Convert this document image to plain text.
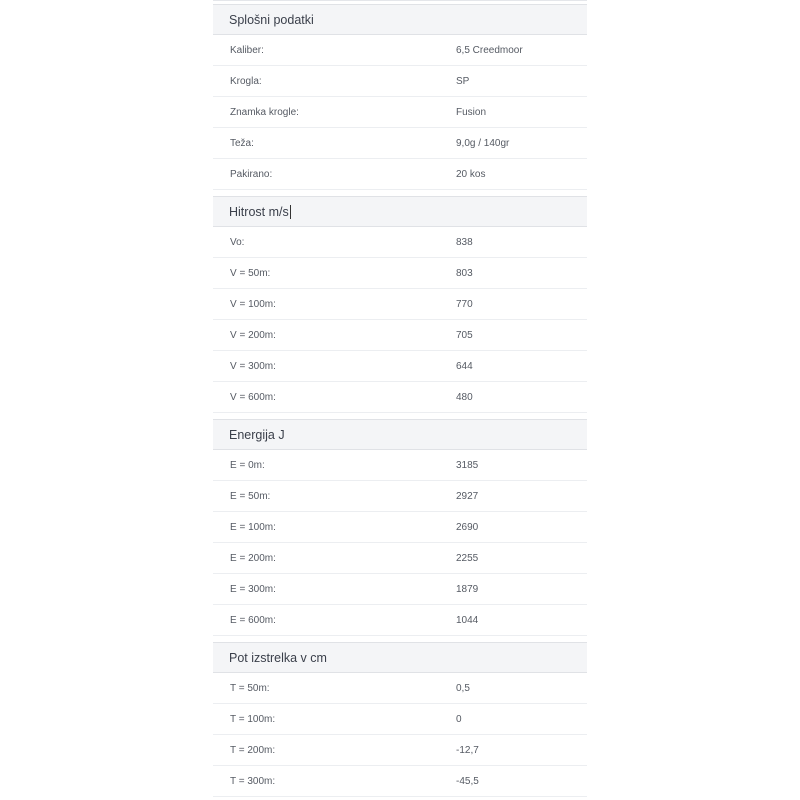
Splošni podatki
Kaliber:	6,5 Creedmoor
Krogla:	SP
Znamka krogle:	Fusion
Teža:	9,0g / 140gr
Pakirano:	20 kos
Hitrost m/s
Vo:	838
V = 50m:	803
V = 100m:	770
V = 200m:	705
V = 300m:	644
V = 600m:	480
Energija J
E = 0m:	3185
E = 50m:	2927
E = 100m:	2690
E = 200m:	2255
E = 300m:	1879
E = 600m:	1044
Pot izstrelka v cm
T = 50m:	0,5
T = 100m:	0
T = 200m:	-12,7
T = 300m:	-45,5
